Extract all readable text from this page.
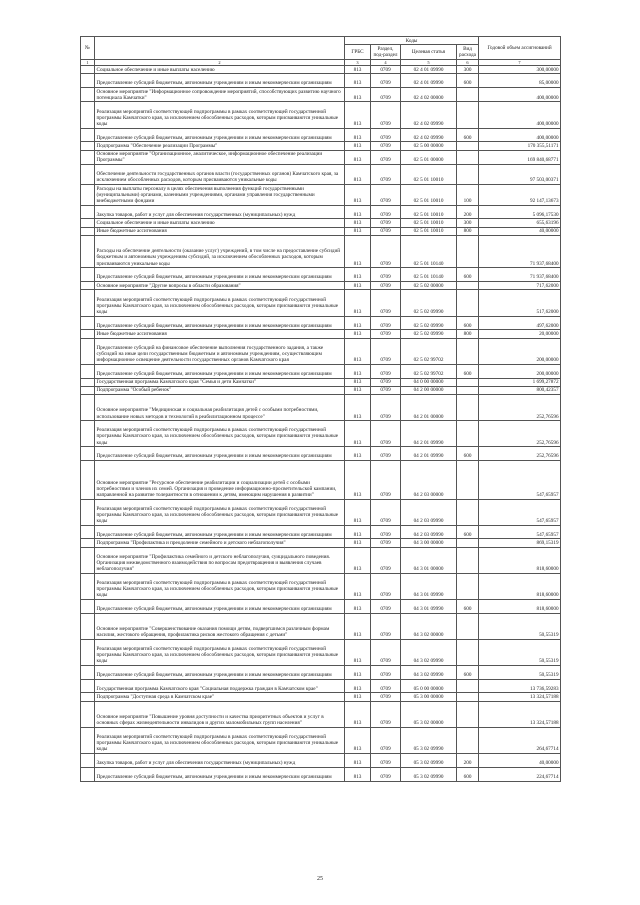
№		Коды				Годовой объем ассигнований
		ГРБС	Раздел, под-раздел	Целевая статья	Вид расхода	
1	2	3	4	5	6	7
	Социальное обеспечение и иные выплаты населению	813	0709	02 4 01 09990	300	300,00000
	Предоставление субсидий бюджетным, автономным учреждениям и иным некоммерческим организациям	813	0709	02 4 01 09990	600	85,00000
	Основное мероприятие "Информационное сопровождение мероприятий, способствующих развитию научного потенциала Камчатки"	813	0709	02 4 02 00000		400,00000
	Реализация мероприятий соответствующей подпрограммы в рамках соответствующей государственной программы Камчатского края, за исключением обособленных расходов, которым присваиваются уникальные коды	813	0709	02 4 02 09990		400,00000
	Предоставление субсидий бюджетным, автономным учреждениям и иным некоммерческим организациям	813	0709	02 4 02 09990	600	400,00000
	Подпрограмма "Обеспечение реализации Программы"	813	0709	02 5 00 00000		170 355,51171
	Основное мероприятие "Организационное, аналитическое, информационное обеспечение реализации Программы"	813	0709	02 5 01 00000		169 840,68771
	Обеспечение деятельности государственных органов власти (государственных органов) Камчатского края, за исключением обособленных расходов, которым присваиваются уникальные коды	813	0709	02 5 01 10010		97 503,00371
	Расходы на выплаты персоналу в целях обеспечения выполнения функций государственными (муниципальными) органами, казенными учреждениями, органами управления государственными внебюджетными фондами	813	0709	02 5 01 10010	100	92 147,13673
	Закупка товаров, работ и услуг для обеспечения государственных (муниципальных) нужд	813	0709	02 5 01 10010	200	5 096,17530
	Социальное обеспечение и иные выплаты населению	813	0709	02 5 01 10010	300	655,63196
	Иные бюджетные ассигнования	813	0709	02 5 01 10010	800	40,00000
	Расходы на обеспечение деятельности (оказание услуг) учреждений, в том числе на предоставление субсидий бюджетным и автономным учреждениям субсидий, за исключением обособленных расходов, которым присваиваются уникальные коды	813	0709	02 5 01 10140		71 937,68400
	Предоставление субсидий бюджетным, автономным учреждениям и иным некоммерческим организациям	813	0709	02 5 01 10140	600	71 937,68400
	Основное мероприятие "Другие вопросы в области образования"	813	0709	02 5 02 00000		717,62000
	Реализация мероприятий соответствующей подпрограммы в рамках соответствующей государственной программы Камчатского края, за исключением обособленных расходов, которым присваиваются уникальные коды	813	0709	02 5 02 09990		517,62000
	Предоставление субсидий бюджетным, автономным учреждениям и иным некоммерческим организациям	813	0709	02 5 02 09990	600	497,62000
	Иные бюджетные ассигнования	813	0709	02 5 02 09990	800	20,00000
	Предоставление субсидий на финансовое обеспечение выполнения государственного задания, а также субсидий на иные цели государственным бюджетным и автономным учреждениям, осуществляющим информационное освещение деятельности государственных органов Камчатского края	813	0709	02 5 02 99702		200,00000
	Предоставление субсидий бюджетным, автономным учреждениям и иным некоммерческим организациям	813	0709	02 5 02 99702	600	200,00000
	Государственная программа Камчатского края "Семья и дети Камчатки"	813	0709	04 0 00 00000		1 699,27872
	Подпрограмма "Особый ребенок"	813	0709	04 2 00 00000		800,42357
	Основное мероприятие "Медицинская и социальная реабилитация детей с особыми потребностями, использование новых методов и технологий в реабилитационном процессе"	813	0709	04 2 01 00000		252,76596
	Реализация мероприятий соответствующей подпрограммы в рамках соответствующей государственной программы Камчатского края, за исключением обособленных расходов, которым присваиваются уникальные коды	813	0709	04 2 01 09990		252,76596
	Предоставление субсидий бюджетным, автономным учреждениям и иным некоммерческим организациям	813	0709	04 2 01 09990	600	252,76596
	Основное мероприятие "Ресурсное обеспечение реабилитации и социализации детей с особыми потребностями и членов их семей. Организация и проведение информационно-просветительской кампании, направленной на развитие толерантности в отношении к детям, имеющим нарушения в развитии"	813	0709	04 2 03 00000		547,65957
	Реализация мероприятий соответствующей подпрограммы в рамках соответствующей государственной программы Камчатского края, за исключением обособленных расходов, которым присваиваются уникальные коды	813	0709	04 2 03 09990		547,65957
	Предоставление субсидий бюджетным, автономным учреждениям и иным некоммерческим организациям	813	0709	04 2 03 09990	600	547,65957
	Подпрограмма "Профилактика и преодоление семейного и детского неблагополучия"	813	0709	04 3 00 00000		869,15319
	Основное мероприятие "Профилактика семейного и детского неблагополучия, суицидального поведения. Организация межведомственного взаимодействия по вопросам предотвращения и выявления случаев неблагополучия"	813	0709	04 3 01 00000		818,60000
	Реализация мероприятий соответствующей подпрограммы в рамках соответствующей государственной программы Камчатского края, за исключением обособленных расходов, которым присваиваются уникальные коды	813	0709	04 3 01 09990		818,60000
	Предоставление субсидий бюджетным, автономным учреждениям и иным некоммерческим организациям	813	0709	04 3 01 09990	600	818,60000
	Основное мероприятие "Совершенствование оказания помощи детям, подвергшимся различным формам насилия, жестокого обращения, профилактика рисков жестокого обращения с детьми"	813	0709	04 3 02 00000		50,55319
	Реализация мероприятий соответствующей подпрограммы в рамках соответствующей государственной программы Камчатского края, за исключением обособленных расходов, которым присваиваются уникальные коды	813	0709	04 3 02 09990		50,55319
	Предоставление субсидий бюджетным, автономным учреждениям и иным некоммерческим организациям	813	0709	04 3 02 09990	600	50,55319
	Государственная программа Камчатского края "Социальная поддержка граждан в Камчатском крае"	813	0709	05 0 00 00000		13 736,59283
	Подпрограмма "Доступная среда в Камчатском крае"	813	0709	05 3 00 00000		13 324,57188
	Основное мероприятие "Повышение уровня доступности и качества приоритетных объектов и услуг в основных сферах жизнедеятельности инвалидов и других маломобильных групп населения"	813	0709	05 3 02 00000		13 324,57188
	Реализация мероприятий соответствующей подпрограммы в рамках соответствующей государственной программы Камчатского края, за исключением обособленных расходов, которым присваиваются уникальные коды	813	0709	05 3 02 09990		264,67714
	Закупка товаров, работ и услуг для обеспечения государственных (муниципальных) нужд	813	0709	05 3 02 09990	200	40,00000
	Предоставление субсидий бюджетным, автономным учреждениям и иным некоммерческим организациям	813	0709	05 3 02 09990	600	224,67714
25
